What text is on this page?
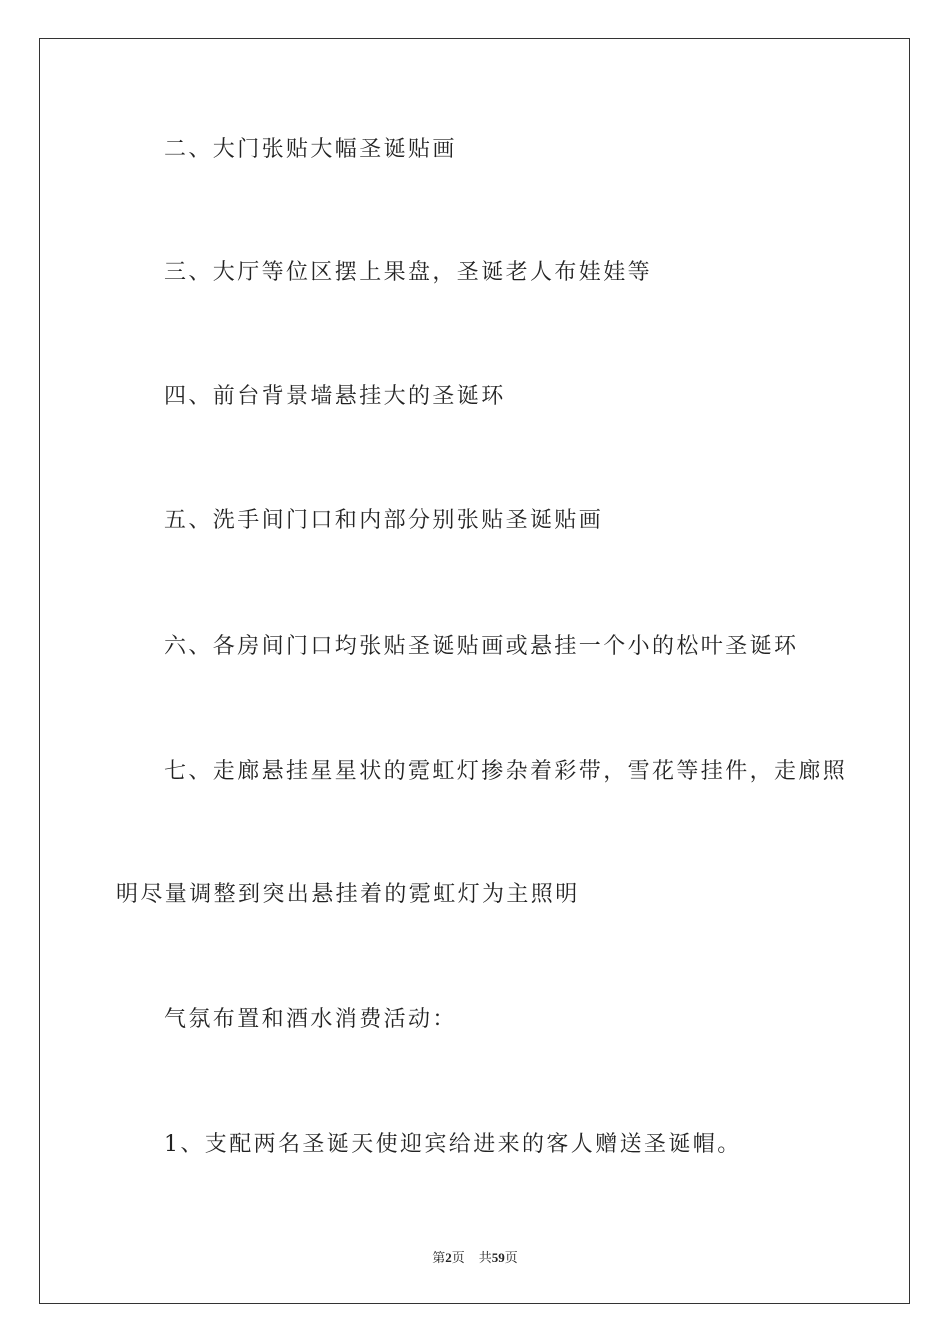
二、大门张贴大幅圣诞贴画
三、大厅等位区摆上果盘，圣诞老人布娃娃等
四、前台背景墙悬挂大的圣诞环
五、洗手间门口和内部分别张贴圣诞贴画
六、各房间门口均张贴圣诞贴画或悬挂一个小的松叶圣诞环
七、走廊悬挂星星状的霓虹灯掺杂着彩带，雪花等挂件，走廊照
明尽量调整到突出悬挂着的霓虹灯为主照明
气氛布置和酒水消费活动：
1、支配两名圣诞天使迎宾给进来的客人赠送圣诞帽。
第2页 共59页
